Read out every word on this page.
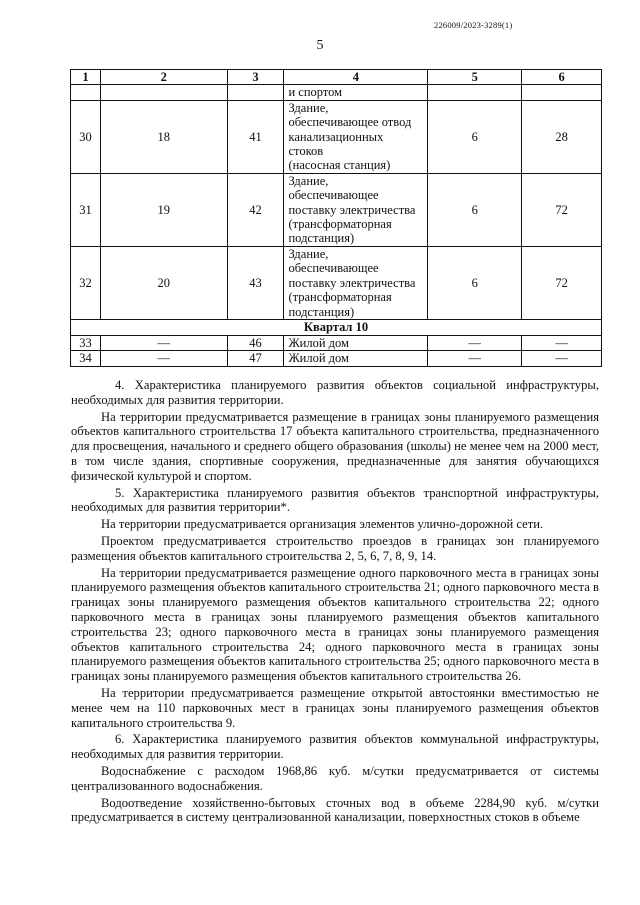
226009/2023-3289(1)
5
1	2	3	4	5	6
			и спортом		
30	18	41	Здание,
обеспечивающее отвод
канализационных
стоков
(насосная станция)	6	28
31	19	42	Здание,
обеспечивающее
поставку электричества
(трансформаторная
подстанция)	6	72
32	20	43	Здание,
обеспечивающее
поставку электричества
(трансформаторная
подстанция)	6	72
Квартал 10					
33	—	46	Жилой дом	—	—
34	—	47	Жилой дом	—	—

4. Характеристика планируемого развития объектов социальной инфраструктуры, необходимых для развития территории.

На территории предусматривается размещение в границах зоны планируемого размещения объектов капитального строительства 17 объекта капитального строительства, предназначенного для просвещения, начального и среднего общего образования (школы) не менее чем на 2000 мест, в том числе здания, спортивные сооружения, предназначенные для занятия обучающихся физической культурой и спортом.

5. Характеристика планируемого развития объектов транспортной инфраструктуры, необходимых для развития территории*.

На территории предусматривается организация элементов улично-дорожной сети.

Проектом предусматривается строительство проездов в границах зон планируемого размещения объектов капитального строительства 2, 5, 6, 7, 8, 9, 14.

На территории предусматривается размещение одного парковочного места в границах зоны планируемого размещения объектов капитального строительства 21; одного парковочного места в границах зоны планируемого размещения объектов капитального строительства 22; одного парковочного места в границах зоны планируемого размещения объектов капитального строительства 23; одного парковочного места в границах зоны планируемого размещения объектов капитального строительства 24; одного парковочного места в границах зоны планируемого размещения объектов капитального строительства 25; одного парковочного места в границах зоны планируемого размещения объектов капитального строительства 26.

На территории предусматривается размещение открытой автостоянки вместимостью не менее чем на 110 парковочных мест в границах зоны планируемого размещения объектов капитального строительства 9.

6. Характеристика планируемого развития объектов коммунальной инфраструктуры, необходимых для развития территории.

Водоснабжение с расходом 1968,86 куб. м/сутки предусматривается от системы централизованного водоснабжения.

Водоотведение хозяйственно-бытовых сточных вод в объеме 2284,90 куб. м/сутки предусматривается в систему централизованной канализации, поверхностных стоков в объеме
